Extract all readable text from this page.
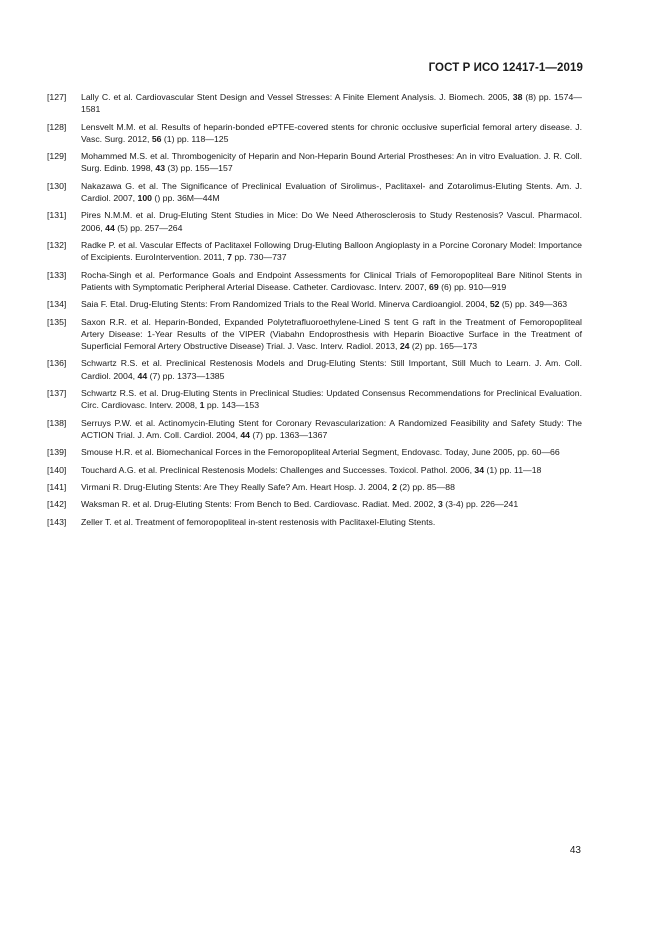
ГОСТ Р ИСО 12417-1—2019
[127]	Lally C. et al. Cardiovascular Stent Design and Vessel Stresses: A Finite Element Analysis. J. Biomech. 2005, 38 (8) pp. 1574—1581
[128]	Lensvelt M.M. et al. Results of heparin-bonded ePTFE-covered stents for chronic occlusive superficial femoral artery disease. J. Vasc. Surg. 2012, 56 (1) pp. 118—125
[129]	Mohammed M.S. et al. Thrombogenicity of Heparin and Non-Heparin Bound Arterial Prostheses: An in vitro Evaluation. J. R. Coll. Surg. Edinb. 1998, 43 (3) pp. 155—157
[130]	Nakazawa G. et al. The Significance of Preclinical Evaluation of Sirolimus-, Paclitaxel- and Zotarolimus-Eluting Stents. Am. J. Cardiol. 2007, 100 () pp. 36M—44M
[131]	Pires N.M.M. et al. Drug-Eluting Stent Studies in Mice: Do We Need Atherosclerosis to Study Restenosis? Vascul. Pharmacol. 2006, 44 (5) pp. 257—264
[132]	Radke P. et al. Vascular Effects of Paclitaxel Following Drug-Eluting Balloon Angioplasty in a Porcine Coronary Model: Importance of Excipients. EuroIntervention. 2011, 7 pp. 730—737
[133]	Rocha-Singh et al. Performance Goals and Endpoint Assessments for Clinical Trials of Femoropopliteal Bare Nitinol Stents in Patients with Symptomatic Peripheral Arterial Disease. Catheter. Cardiovasc. Interv. 2007, 69 (6) pp. 910—919
[134]	Saia F. Etal. Drug-Eluting Stents: From Randomized Trials to the Real World. Minerva Cardioangiol. 2004, 52 (5) pp. 349—363
[135]	Saxon R.R. et al. Heparin-Bonded, Expanded Polytetrafluoroethylene-Lined S tent G raft in the Treatment of Femoropopliteal Artery Disease: 1-Year Results of the VIPER (Viabahn Endoprosthesis with Heparin Bioactive Surface in the Treatment of Superficial Femoral Artery Obstructive Disease) Trial. J. Vasc. Interv. Radiol. 2013, 24 (2) pp. 165—173
[136]	Schwartz R.S. et al. Preclinical Restenosis Models and Drug-Eluting Stents: Still Important, Still Much to Learn. J. Am. Coll. Cardiol. 2004, 44 (7) pp. 1373—1385
[137]	Schwartz R.S. et al. Drug-Eluting Stents in Preclinical Studies: Updated Consensus Recommendations for Preclinical Evaluation. Circ. Cardiovasc. Interv. 2008, 1 pp. 143—153
[138]	Serruys P.W. et al. Actinomycin-Eluting Stent for Coronary Revascularization: A Randomized Feasibility and Safety Study: The ACTION Trial. J. Am. Coll. Cardiol. 2004, 44 (7) pp. 1363—1367
[139]	Smouse H.R. et al. Biomechanical Forces in the Femoropopliteal Arterial Segment, Endovasc. Today, June 2005, pp. 60—66
[140]	Touchard A.G. et al. Preclinical Restenosis Models: Challenges and Successes. Toxicol. Pathol. 2006, 34 (1) pp. 11—18
[141]	Virmani R. Drug-Eluting Stents: Are They Really Safe? Am. Heart Hosp. J. 2004, 2 (2) pp. 85—88
[142]	Waksman R. et al. Drug-Eluting Stents: From Bench to Bed. Cardiovasc. Radiat. Med. 2002, 3 (3-4) pp. 226—241
[143]	Zeller T. et al. Treatment of femoropopliteal in-stent restenosis with Paclitaxel-Eluting Stents.
43
